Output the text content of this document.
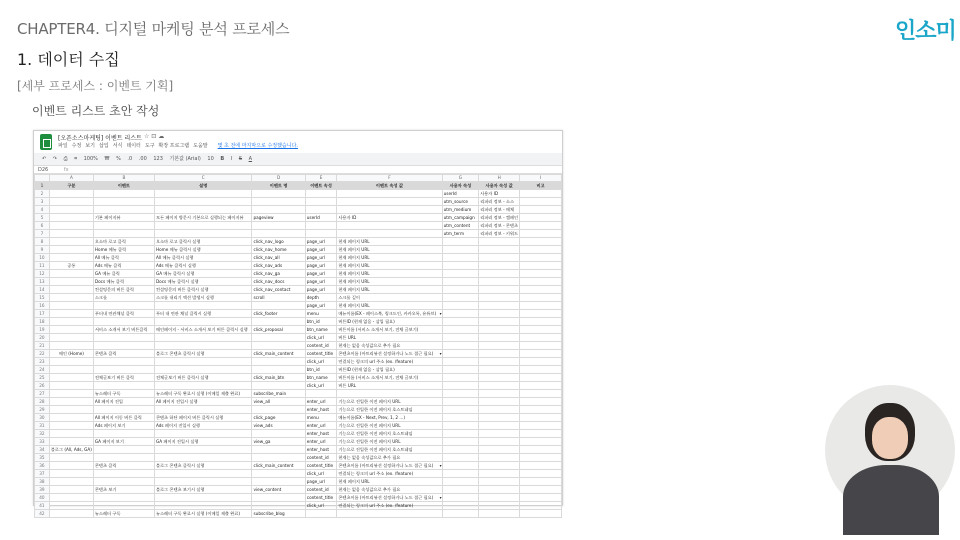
CHAPTER4. 디지털 마케팅 분석 프로세스
1. 데이터 수집
[세부 프로세스 : 이벤트 기획]
이벤트 리스트 초안 작성
인소미
[오픈소스마케팅] 이벤트 리스트 ☆ ⊡ ☁
파일 수정 보기 삽입 서식 데이터 도구 확장 프로그램 도움말 몇 초 전에 마지막으로 수정했습니다.
↶ ↷ ⎙ ⌗ 100% ₩ % .0 .00 123 기본값 (Arial) 10 B I S A
D26	fx
	A	B	C	D	E	F	G	H	I
1	구분	이벤트	설명	이벤트 명	이벤트 속성	이벤트 속성 값	사용자 속성	사용자 속성 값	비고
2							userId	사용자 ID	
3							utm_source	리퍼러 정보 - 소스	
4							utm_medium	리퍼러 정보 - 매체	
5		기본 페이지뷰	모든 페이지 방문시 기본으로 실행되는 페이지뷰	pageview	userId	사용자 ID	utm_campaign	리퍼러 정보 - 캠페인	
6							utm_content	리퍼러 정보 - 콘텐츠	
7							utm_term	리퍼러 정보 - 키워드	
8		오소마 로고 클릭	오소마 로고 클릭시 실행	click_nav_logo	page_url	현재 페이지 URL			
9		Home 메뉴 클릭	Home 메뉴 클릭시 실행	click_nav_home	page_url	현재 페이지 URL			
10		All 메뉴 클릭	All 메뉴 클릭시 실행	click_nav_all	page_url	현재 페이지 URL			
11	공통	Ads 메뉴 클릭	Ads 메뉴 클릭시 실행	click_nav_ads	page_url	현재 페이지 URL			
12		GA 메뉴 클릭	GA 메뉴 클릭시 실행	click_nav_ga	page_url	현재 페이지 URL			
13		Docs 메뉴 클릭	Docs 메뉴 클릭시 실행	click_nav_docs	page_url	현재 페이지 URL			
14		컨설팅문의 버튼 클릭	컨설팅문의 버튼 클릭시 실행	click_nav_contact	page_url	현재 페이지 URL			
15		스크롤	스크롤 내리기 액션 발생시 실행	scroll	depth	스크롤 깊이			
16					page_url	현재 페이지 URL			
17		푸터내 연관채널 클릭	푸터 내 연관 채널 클릭시 실행	click_footer	menu	메뉴이름(EX - 페이스북, 링크드인, 카카오톡, 유튜브) ▾			
18					btn_id	버튼ID (현재 없음 - 삽입 필요)			
19		서비스 소개서 보기 버튼클릭	메인페이지 - 서비스 소개서 보기 버튼 클릭시 실행	click_proposal	btn_name	버튼이름 (서비스 소개서 보기, 전체 글보기)			
20					click_url	버튼 URL			
21					content_id	현재는 없음 속성값으로 추가 필요			
22	메인 (Home)	콘텐츠 클릭	블로그 콘텐츠 클릭시 실행	click_main_content	content_title	콘텐츠이름 (아트리뷰션 설정하거나 노드 접근 필요) ▾			
23					click_url	연결되는 링크의 url 주소 (ex. /feature)			
24					btn_id	버튼ID (현재 없음 - 삽입 필요)			
25		전체글보기 버튼 클릭	전체글보기 버튼 클릭시 실행	click_main_btn	btn_name	버튼이름 (서비스 소개서 보기, 전체 글보기)			
26					click_url	버튼 URL			
27		뉴스레터 구독	뉴스레터 구독 완료시 실행 (이메일 제출 완료)	subscribe_main					
28		All 페이지 진입	All 페이지 진입시 실행	view_all	enter_url	기능으로 진입한 이전 페이지 URL			
29					enter_host	기능으로 진입한 이전 페이지 호스트네임			
30		All 페이지 이동 버튼 클릭	콘텐츠 하단 페이지 버튼 클릭시 실행	click_page	menu	메뉴이름(EX - Next, Prev, 1, 2 ...)			
31		Ads 페이지 보기	Ads 페이지 진입시 실행	view_ads	enter_url	기능으로 진입한 이전 페이지 URL			
32					enter_host	기능으로 진입한 이전 페이지 호스트네임			
33		GA 페이지 보기	GA 페이지 진입시 실행	view_ga	enter_url	기능으로 진입한 이전 페이지 URL			
34	블로그 (All, Ads, GA)				enter_host	기능으로 진입한 이전 페이지 호스트네임			
35					content_id	현재는 없음 속성값으로 추가 필요			
36		콘텐츠 클릭	블로그 콘텐츠 클릭시 실행	click_main_content	content_title	콘텐츠이름 (아트리뷰션 설정하거나 노드 접근 필요) ▾			
37					click_url	연결되는 링크의 url 주소 (ex. /feature)			
38					page_url	현재 페이지 URL			
39		콘텐츠 보기	블로그 콘텐츠 보기시 실행	view_content	content_id	현재는 없음 속성값으로 추가 필요			
40					content_title	콘텐츠이름 (아트리뷰션 설정하거나 노드 접근 필요) ▾			
41					click_url	연결되는 링크의 url 주소 (ex. /feature)			
42		뉴스레터 구독	뉴스레터 구독 완료시 실행 (이메일 제출 완료)	subscribe_blog					
